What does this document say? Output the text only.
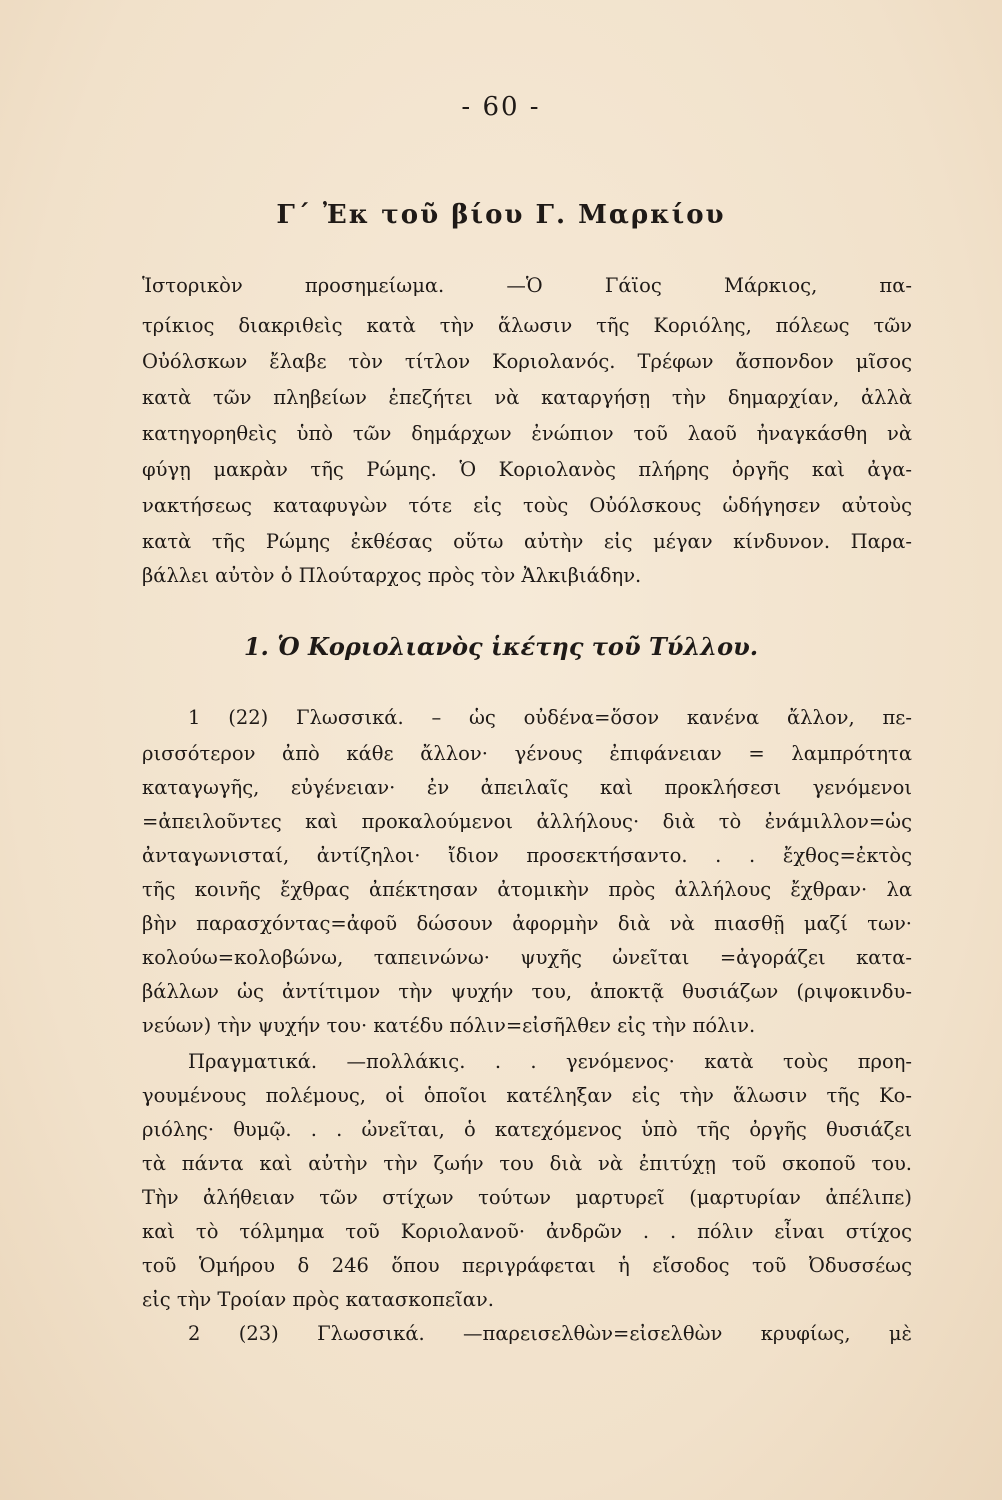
- 60 -
Γ΄ Ἐκ τοῦ βίου Γ. Μαρκίου
Ἱστορικὸν προσημείωμα. —Ὁ Γάϊος Μάρκιος, πα-
τρίκιος διακριθεὶς κατὰ τὴν ἅλωσιν τῆς Κοριόλης, πόλεως τῶν
Οὐόλσκων ἔλαβε τὸν τίτλον Κοριολανός. Τρέφων ἄσπονδον μῖσος
κατὰ τῶν πληβείων ἐπεζήτει νὰ καταργήσῃ τὴν δημαρχίαν, ἀλλὰ
κατηγορηθεὶς ὑπὸ τῶν δημάρχων ἐνώπιον τοῦ λαοῦ ἠναγκάσθη νὰ
φύγῃ μακρὰν τῆς Ρώμης. Ὁ Κοριολανὸς πλήρης ὀργῆς καὶ ἀγα-
νακτήσεως καταφυγὼν τότε εἰς τοὺς Οὐόλσκους ὡδήγησεν αὐτοὺς
κατὰ τῆς Ρώμης ἐκθέσας οὕτω αὐτὴν εἰς μέγαν κίνδυνον. Παρα-
βάλλει αὐτὸν ὁ Πλούταρχος πρὸς τὸν Ἀλκιβιάδην.
1. Ὁ Κοριολιανὸς ἱκέτης τοῦ Τύλλου.
1 (22) Γλωσσικά. – ὡς οὐδένα=ὅσον κανένα ἄλλον, πε-
ρισσότερον ἀπὸ κάθε ἄλλον· γένους ἐπιφάνειαν = λαμπρότητα
καταγωγῆς, εὐγένειαν· ἐν ἀπειλαῖς καὶ προκλήσεσι γενόμενοι
=ἀπειλοῦντες καὶ προκαλούμενοι ἀλλήλους· διὰ τὸ ἐνάμιλλον=ὡς
ἀνταγωνισταί, ἀντίζηλοι· ἴδιον προσεκτήσαντο. . . ἔχθος=ἐκτὸς
τῆς κοινῆς ἔχθρας ἀπέκτησαν ἀτομικὴν πρὸς ἀλλήλους ἔχθραν· λα
βὴν παρασχόντας=ἀφοῦ δώσουν ἀφορμὴν διὰ νὰ πιασθῇ μαζί των·
κολούω=κολοβώνω, ταπεινώνω· ψυχῆς ὠνεῖται =ἀγοράζει κατα-
βάλλων ὡς ἀντίτιμον τὴν ψυχήν του, ἀποκτᾷ θυσιάζων (ριψοκινδυ-
νεύων) τὴν ψυχήν του· κατέδυ πόλιν=εἰσῆλθεν εἰς τὴν πόλιν.
Πραγματικά. —πολλάκις. . . γενόμενος· κατὰ τοὺς προη-
γουμένους πολέμους, οἱ ὁποῖοι κατέληξαν εἰς τὴν ἅλωσιν τῆς Κο-
ριόλης· θυμῷ. . . ὠνεῖται, ὁ κατεχόμενος ὑπὸ τῆς ὀργῆς θυσιάζει
τὰ πάντα καὶ αὐτὴν τὴν ζωήν του διὰ νὰ ἐπιτύχῃ τοῦ σκοποῦ του.
Τὴν ἀλήθειαν τῶν στίχων τούτων μαρτυρεῖ (μαρτυρίαν ἀπέλιπε)
καὶ τὸ τόλμημα τοῦ Κοριολανοῦ· ἀνδρῶν . . πόλιν εἶναι στίχος
τοῦ Ὁμήρου δ 246 ὅπου περιγράφεται ἡ εἴσοδος τοῦ Ὀδυσσέως
εἰς τὴν Τροίαν πρὸς κατασκοπεῖαν.
2 (23) Γλωσσικά. —παρεισελθὼν=εἰσελθὼν κρυφίως, μὲ
